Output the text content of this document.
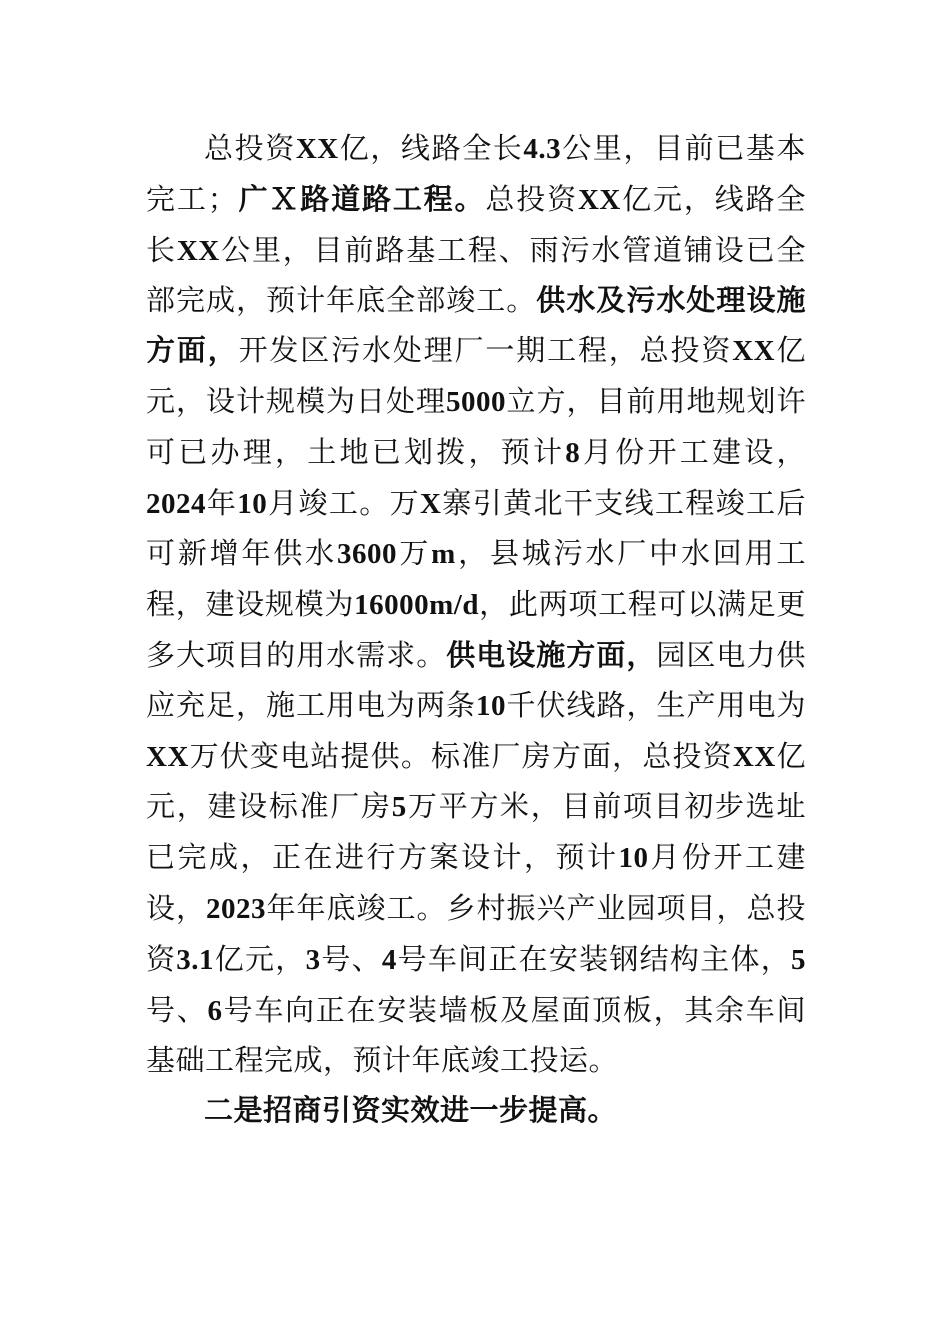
总投资XX亿，线路全长4.3公里，目前已基本完工；广Ｘ路道路工程。总投资XX亿元，线路全长XX公里，目前路基工程、雨污水管道铺设已全部完成，预计年底全部竣工。供水及污水处理设施方面，开发区污水处理厂一期工程，总投资XX亿元，设计规模为日处理5000立方，目前用地规划许可已办理，土地已划拨，预计8月份开工建设，2024年10月竣工。万X寨引黄北干支线工程竣工后可新增年供水3600万m，县城污水厂中水回用工程，建设规模为16000m/d，此两项工程可以满足更多大项目的用水需求。供电设施方面，园区电力供应充足，施工用电为两条10千伏线路，生产用电为XX万伏变电站提供。标准厂房方面，总投资XX亿元，建设标准厂房5万平方米，目前项目初步选址已完成，正在进行方案设计，预计10月份开工建设，2023年年底竣工。乡村振兴产业园项目，总投资3.1亿元，3号、4号车间正在安装钢结构主体，5号、6号车向正在安装墙板及屋面顶板，其余车间基础工程完成，预计年底竣工投运。

二是招商引资实效进一步提高。
